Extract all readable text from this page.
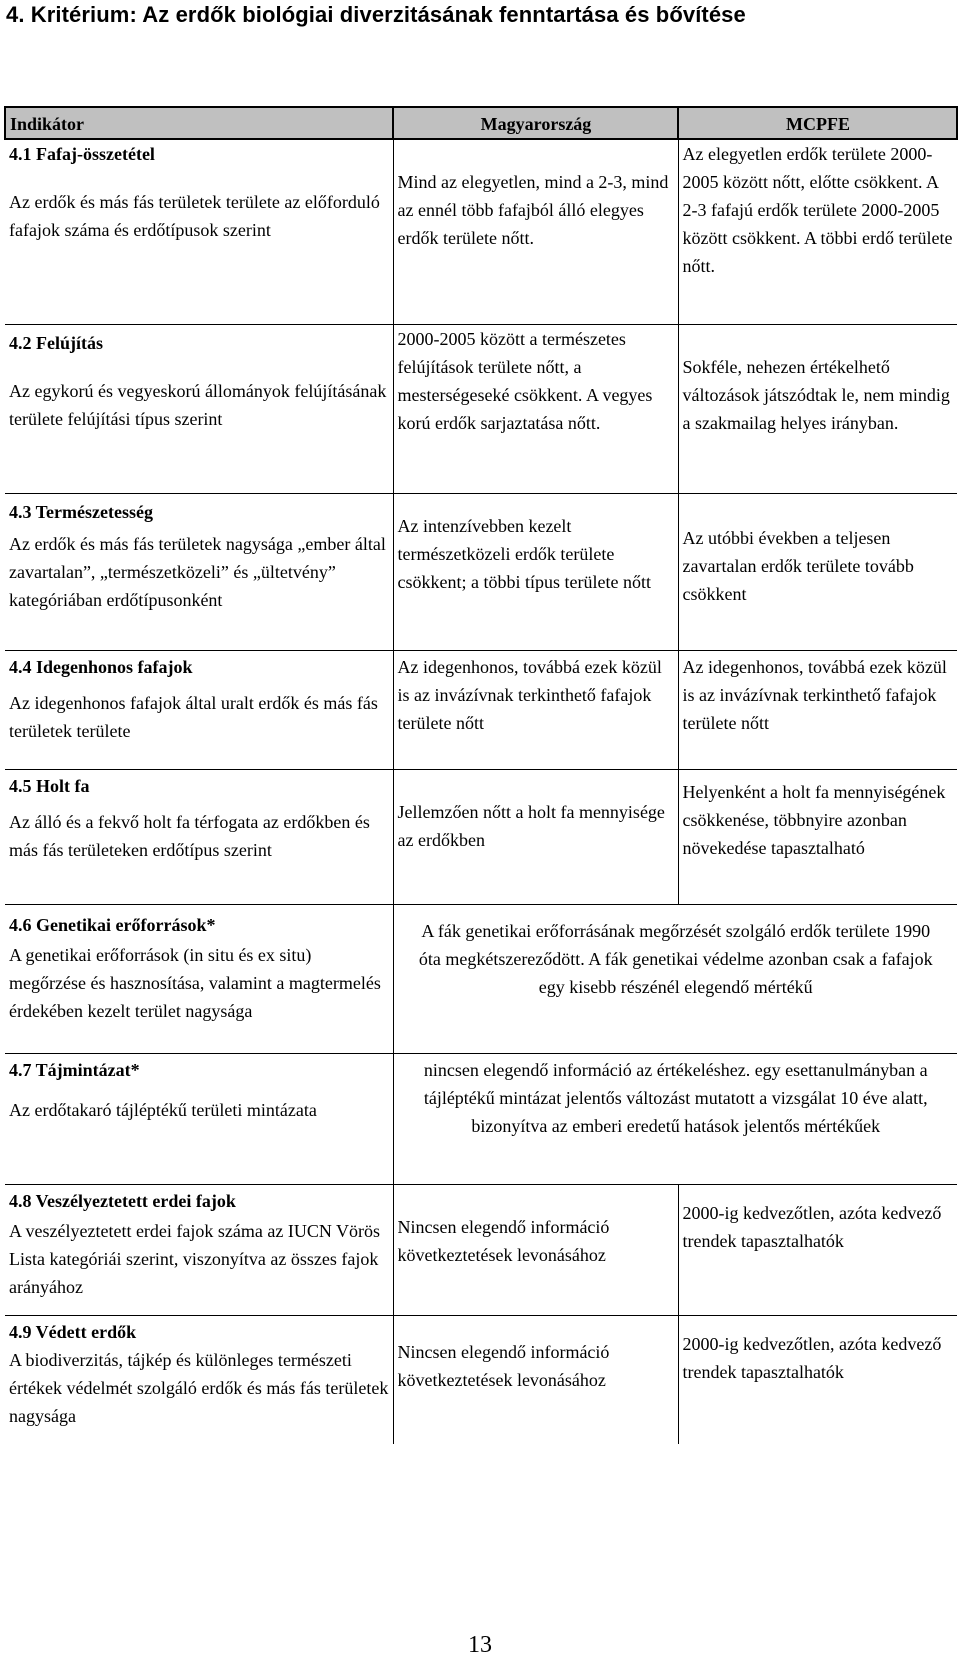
4. Kritérium: Az erdők biológiai diverzitásának fenntartása és bővítése
Indikátor	Magyarország	MCPFE

4.1 Fafaj-összetétel

Az erdők és más fás területek területe az előforduló fafajok száma és erdőtípusok szerint	Mind az elegyetlen, mind a 2-3, mind az ennél több fafajból álló elegyes erdők területe nőtt.	Az elegyetlen erdők területe 2000-2005 között nőtt, előtte csökkent. A 2-3 fafajú erdők területe 2000-2005 között csökkent. A többi erdő területe nőtt.

4.2 Felújítás

Az egykorú és vegyeskorú állományok felújításának területe felújítási típus szerint	2000-2005 között a természetes felújítások területe nőtt, a mesterségeseké csökkent. A vegyes korú erdők sarjaztatása nőtt.	Sokféle, nehezen értékelhető változások játszódtak le, nem mindig a szakmailag helyes irányban.

4.3 Természetesség

Az erdők és más fás területek nagysága „ember által zavartalan”, „természetközeli” és „ültetvény” kategóriában erdőtípusonként	Az intenzívebben kezelt természetközeli erdők területe csökkent; a többi típus területe nőtt	Az utóbbi években a teljesen zavartalan erdők területe tovább csökkent

4.4 Idegenhonos fafajok

Az idegenhonos fafajok által uralt erdők és más fás területek területe	Az idegenhonos, továbbá ezek közül is az invázívnak terkinthető fafajok területe nőtt	Az idegenhonos, továbbá ezek közül is az invázívnak terkinthető fafajok területe nőtt

4.5 Holt fa

Az álló és a fekvő holt fa térfogata az erdőkben és más fás területeken erdőtípus szerint	Jellemzően nőtt a holt fa mennyisége az erdőkben	Helyenként a holt fa mennyiségének csökkenése, többnyire azonban növekedése tapasztalható

4.6 Genetikai erőforrások*

A genetikai erőforrások (in situ és ex situ) megőrzése és hasznosítása, valamint a magtermelés érdekében kezelt terület nagysága	A fák genetikai erőforrásának megőrzését szolgáló erdők területe 1990 óta megkétszereződött. A fák genetikai védelme azonban csak a fafajok egy kisebb részénél elegendő mértékű	

4.7 Tájmintázat*

Az erdőtakaró tájléptékű területi mintázata	nincsen elegendő információ az értékeléshez. egy esettanulmányban a tájléptékű mintázat jelentős változást mutatott a vizsgálat 10 éve alatt, bizonyítva az emberi eredetű hatások jelentős mértékűek	

4.8 Veszélyeztetett erdei fajok

A veszélyeztetett erdei fajok száma az IUCN Vörös Lista kategóriái szerint, viszonyítva az összes fajok arányához	Nincsen elegendő információ következtetések levonásához	2000-ig kedvezőtlen, azóta kedvező trendek tapasztalhatók

4.9 Védett erdők

A biodiverzitás, tájkép és különleges természeti értékek védelmét szolgáló erdők és más fás területek nagysága	Nincsen elegendő információ következtetések levonásához	2000-ig kedvezőtlen, azóta kedvező trendek tapasztalhatók
13
